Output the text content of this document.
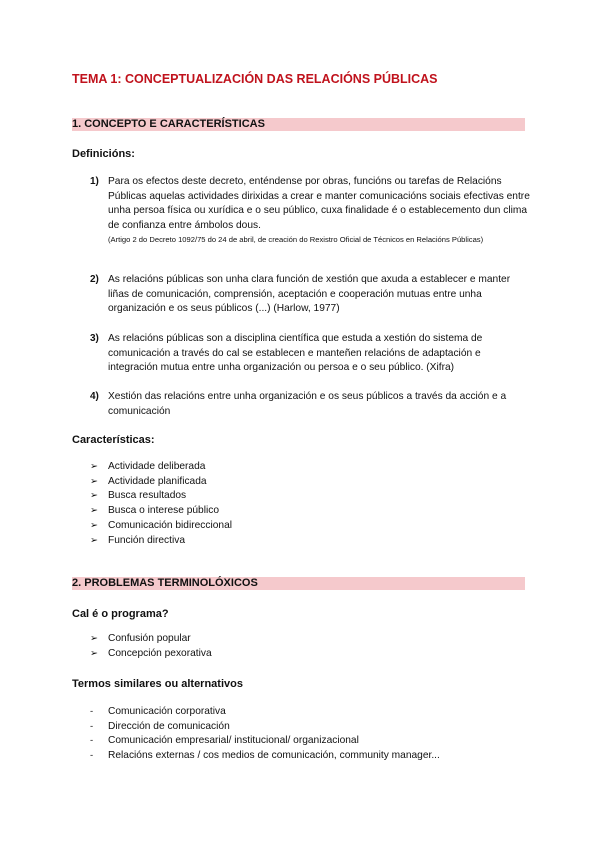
TEMA 1: CONCEPTUALIZACIÓN DAS RELACIÓNS PÚBLICAS
1. CONCEPTO E CARACTERÍSTICAS
Definicións:
1) Para os efectos deste decreto, enténdense por obras, funcións ou tarefas de Relacións Públicas aquelas actividades dirixidas a crear e manter comunicacións sociais efectivas entre unha persoa física ou xurídica e o seu público, cuxa finalidade é o establecemento dun clima de confianza entre ámbolos dous.
(Artigo 2 do Decreto 1092/75 do 24 de abril, de creación do Rexistro Oficial de Técnicos en Relacións Públicas)
2) As relacións públicas son unha clara función de xestión que axuda a establecer e manter liñas de comunicación, comprensión, aceptación e cooperación mutuas entre unha organización e os seus públicos (...) (Harlow, 1977)
3) As relacións públicas son a disciplina científica que estuda a xestión do sistema de comunicación a través do cal se establecen e manteñen relacións de adaptación e integración mutua entre unha organización ou persoa e o seu público. (Xifra)
4) Xestión das relacións entre unha organización e os seus públicos a través da acción e a comunicación
Características:
➢ Actividade deliberada
➢ Actividade planificada
➢ Busca resultados
➢ Busca o interese público
➢ Comunicación bidireccional
➢ Función directiva
2. PROBLEMAS TERMINOLÓXICOS
Cal é o programa?
➢ Confusión popular
➢ Concepción pexorativa
Termos similares ou alternativos
- Comunicación corporativa
- Dirección de comunicación
- Comunicación empresarial/ institucional/ organizacional
- Relacións externas / cos medios de comunicación, community manager...
